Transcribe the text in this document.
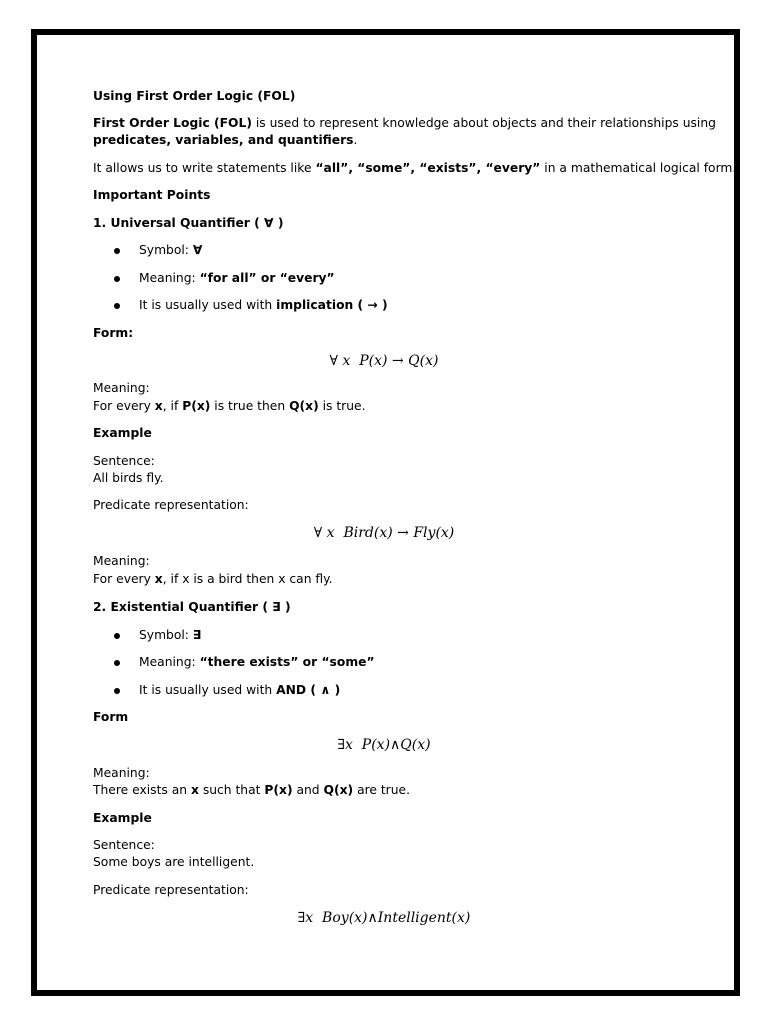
Using First Order Logic (FOL)
First Order Logic (FOL) is used to represent knowledge about objects and their relationships using
predicates, variables, and quantifiers.
It allows us to write statements like “all”, “some”, “exists”, “every” in a mathematical logical form.
Important Points
1. Universal Quantifier ( ∀ )
Symbol: ∀
Meaning: “for all” or “every”
It is usually used with implication ( → )
Form:
∀ x P(x) → Q(x)
Meaning:
For every x, if P(x) is true then Q(x) is true.
Example
Sentence:
All birds fly.
Predicate representation:
∀ x Bird(x) → Fly(x)
Meaning:
For every x, if x is a bird then x can fly.
2. Existential Quantifier ( ∃ )
Symbol: ∃
Meaning: “there exists” or “some”
It is usually used with AND ( ∧ )
Form
∃x P(x)∧Q(x)
Meaning:
There exists an x such that P(x) and Q(x) are true.
Example
Sentence:
Some boys are intelligent.
Predicate representation:
∃x Boy(x)∧Intelligent(x)
